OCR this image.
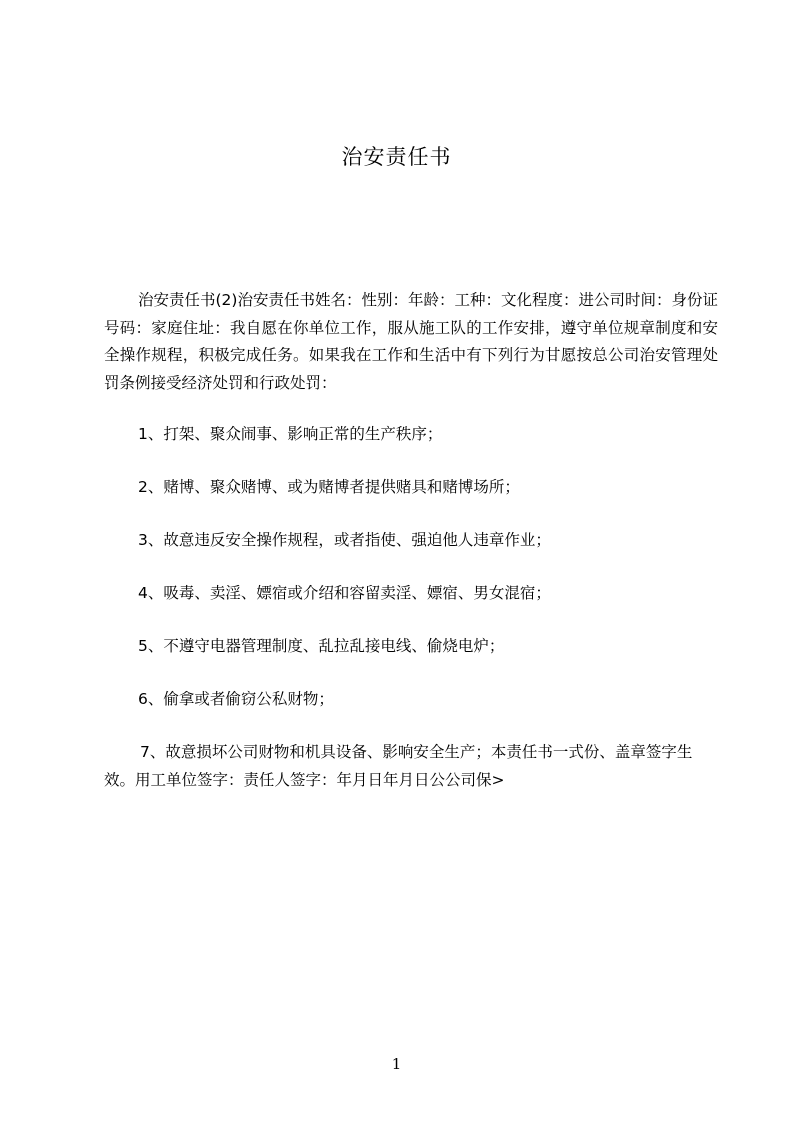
治安责任书
治安责任书(2)治安责任书姓名：性别：年龄：工种：文化程度：进公司时间：身份证号码：家庭住址：我自愿在你单位工作，服从施工队的工作安排，遵守单位规章制度和安全操作规程，积极完成任务。如果我在工作和生活中有下列行为甘愿按总公司治安管理处罚条例接受经济处罚和行政处罚：
1、打架、聚众闹事、影响正常的生产秩序；
2、赌博、聚众赌博、或为赌博者提供赌具和赌博场所；
3、故意违反安全操作规程，或者指使、强迫他人违章作业；
4、吸毒、卖淫、嫖宿或介绍和容留卖淫、嫖宿、男女混宿；
5、不遵守电器管理制度、乱拉乱接电线、偷烧电炉；
6、偷拿或者偷窃公私财物；
7、故意损坏公司财物和机具设备、影响安全生产；本责任书一式份、盖章签字生效。用工单位签字：责任人签字：年月日年月日公公司保>
1
